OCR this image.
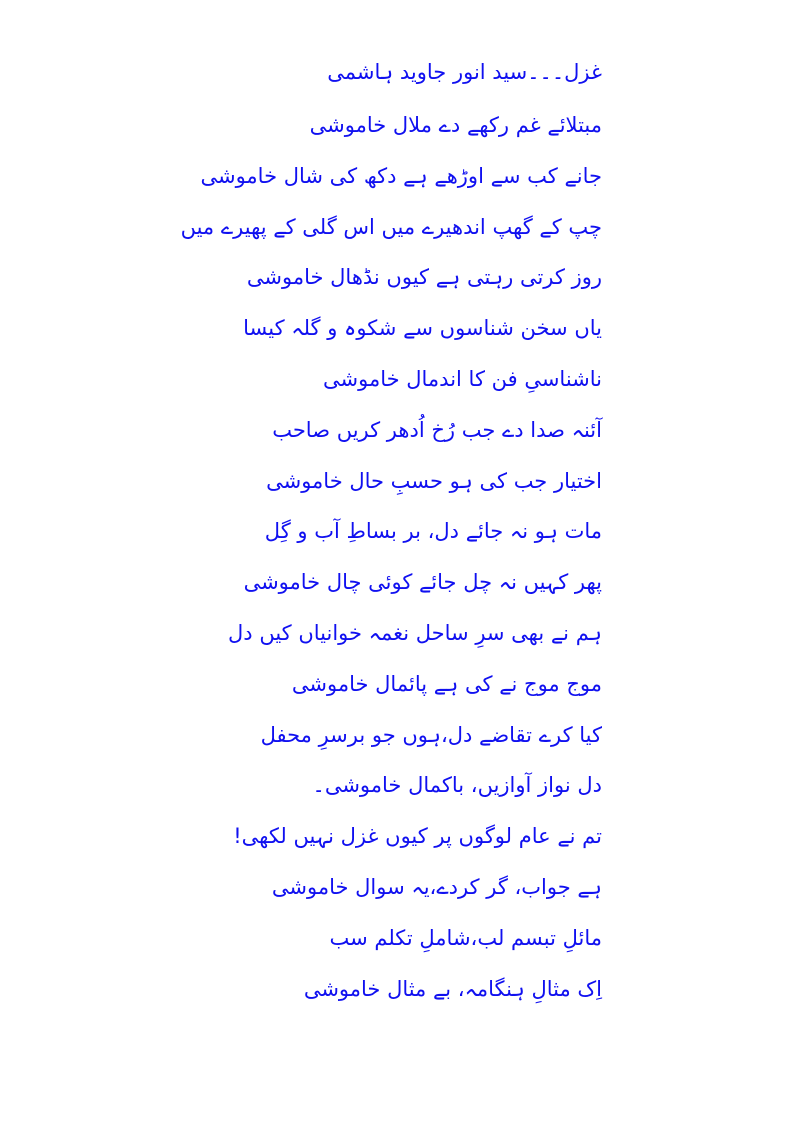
غزل۔۔۔سید انور جاوید ہاشمی
مبتلائے غم رکھے دے ملال خاموشی
جانے کب سے اوڑھے ہے دکھ کی شال خاموشی
چپ کے گھپ اندھیرے میں اس گلی کے پھیرے میں
روز کرتی رہتی ہے کیوں نڈھال خاموشی
یاں سخن شناسوں سے شکوہ و گلہ کیسا
ناشناسیِ فن کا اندمال خاموشی
آئنہ صدا دے جب رُخ اُدھر کریں صاحب
اختیار جب کی ہو حسبِ حال خاموشی
مات ہو نہ جائے دل، بر بساطِ آب و گِل
پھر کہیں نہ چل جائے کوئی چال خاموشی
ہم نے بھی سرِ ساحل نغمہ خوانیاں کیں دل
موج موج نے کی ہے پائمال خاموشی
کیا کرے تقاضے دل،ہوں جو برسرِ محفل
دل نواز آوازیں، باکمال خاموشی۔
تم نے عام لوگوں پر کیوں غزل نہیں لکھی!
ہے جواب، گر کردے،یہ سوال خاموشی
مائلِ تبسم لب،شاملِ تکلم سب
اِک مثالِ ہنگامہ، بے مثال خاموشی
